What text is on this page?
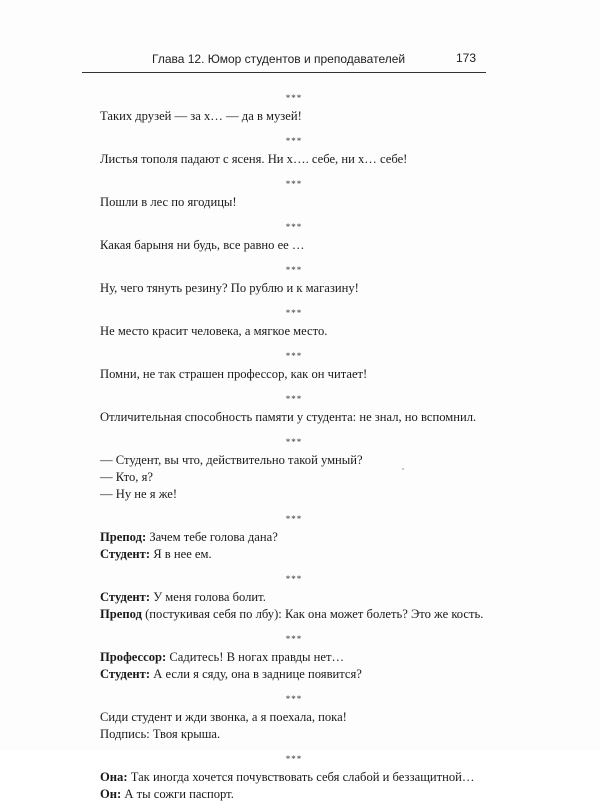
Глава 12. Юмор студентов и преподавателей	173
***
Таких друзей — за х… — да в музей!
***
Листья тополя падают с ясеня. Ни х…. себе, ни х… себе!
***
Пошли в лес по ягодицы!
***
Какая барыня ни будь, все равно ее …
***
Ну, чего тянуть резину? По рублю и к магазину!
***
Не место красит человека, а мягкое место.
***
Помни, не так страшен профессор, как он читает!
***
Отличительная способность памяти у студента: не знал, но вспомнил.
***
— Студент, вы что, действительно такой умный?
— Кто, я?
— Ну не я же!
***
Препод: Зачем тебе голова дана?
Студент: Я в нее ем.
***
Студент: У меня голова болит.
Препод (постукивая себя по лбу): Как она может болеть? Это же кость.
***
Профессор: Садитесь! В ногах правды нет…
Студент: А если я сяду, она в заднице появится?
***
Сиди студент и жди звонка, а я поехала, пока!
Подпись: Твоя крыша.
***
Она: Так иногда хочется почувствовать себя слабой и беззащитной…
Он: А ты сожги паспорт.
